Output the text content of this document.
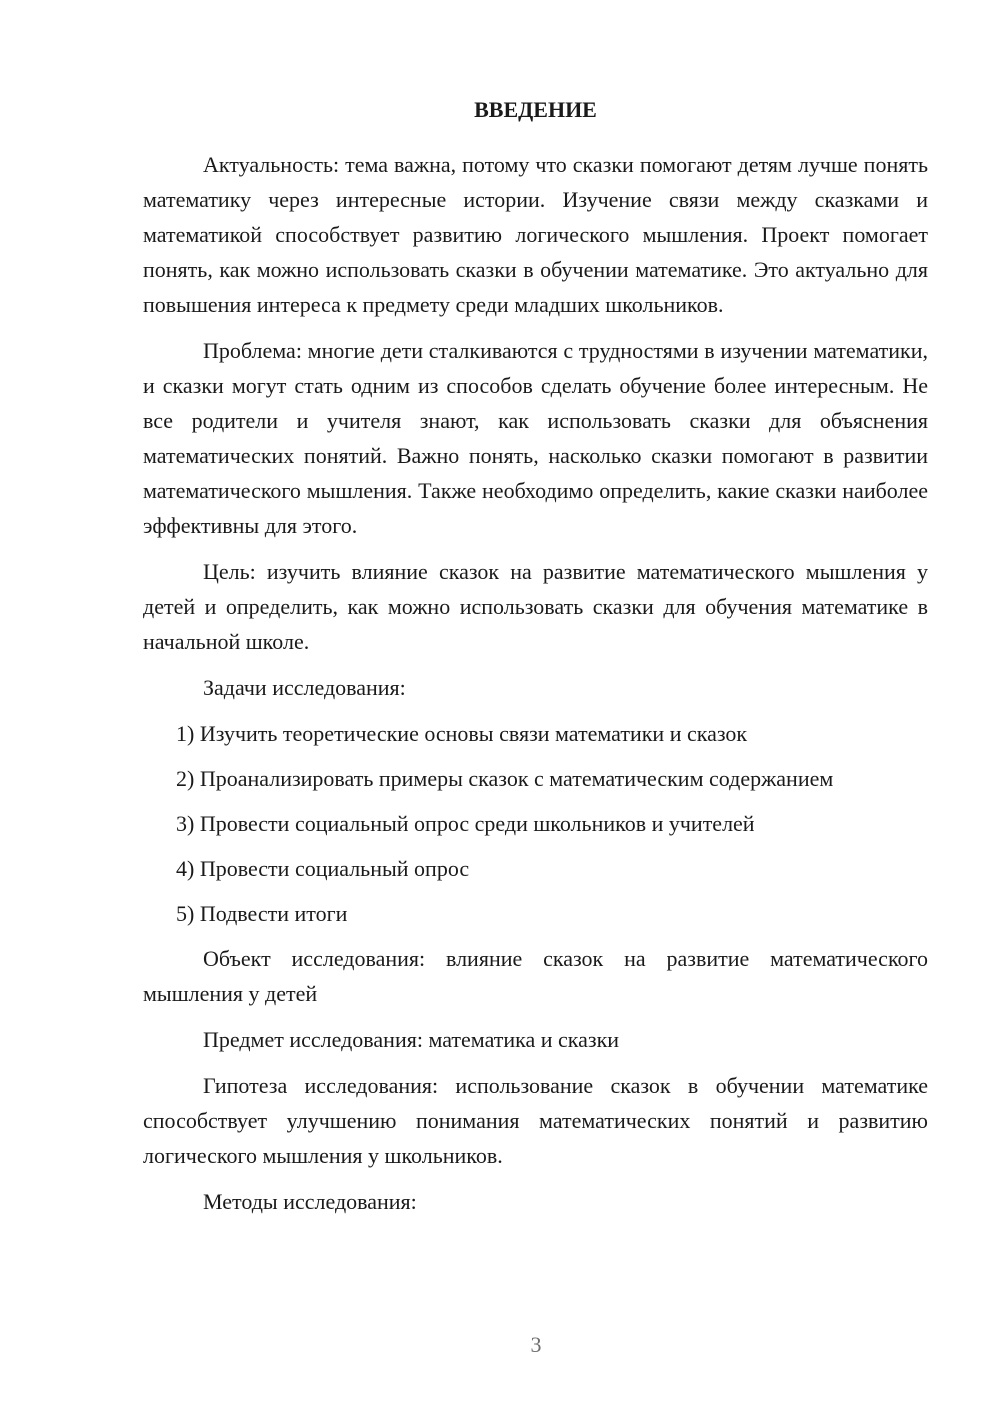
ВВЕДЕНИЕ

Актуальность: тема важна, потому что сказки помогают детям лучше понять математику через интересные истории. Изучение связи между сказками и математикой способствует развитию логического мышления. Проект помогает понять, как можно использовать сказки в обучении математике. Это актуально для повышения интереса к предмету среди младших школьников.

Проблема: многие дети сталкиваются с трудностями в изучении математики, и сказки могут стать одним из способов сделать обучение более интересным. Не все родители и учителя знают, как использовать сказки для объяснения математических понятий. Важно понять, насколько сказки помогают в развитии математического мышления. Также необходимо определить, какие сказки наиболее эффективны для этого.

Цель: изучить влияние сказок на развитие математического мышления у детей и определить, как можно использовать сказки для обучения математике в начальной школе.

Задачи исследования:

1) Изучить теоретические основы связи математики и сказок
2) Проанализировать примеры сказок с математическим содержанием
3) Провести социальный опрос среди школьников и учителей
4) Провести социальный опрос
5) Подвести итоги

Объект исследования: влияние сказок на развитие математического мышления у детей

Предмет исследования: математика и сказки

Гипотеза исследования: использование сказок в обучении математике способствует улучшению понимания математических понятий и развитию логического мышления у школьников.

Методы исследования:

3
